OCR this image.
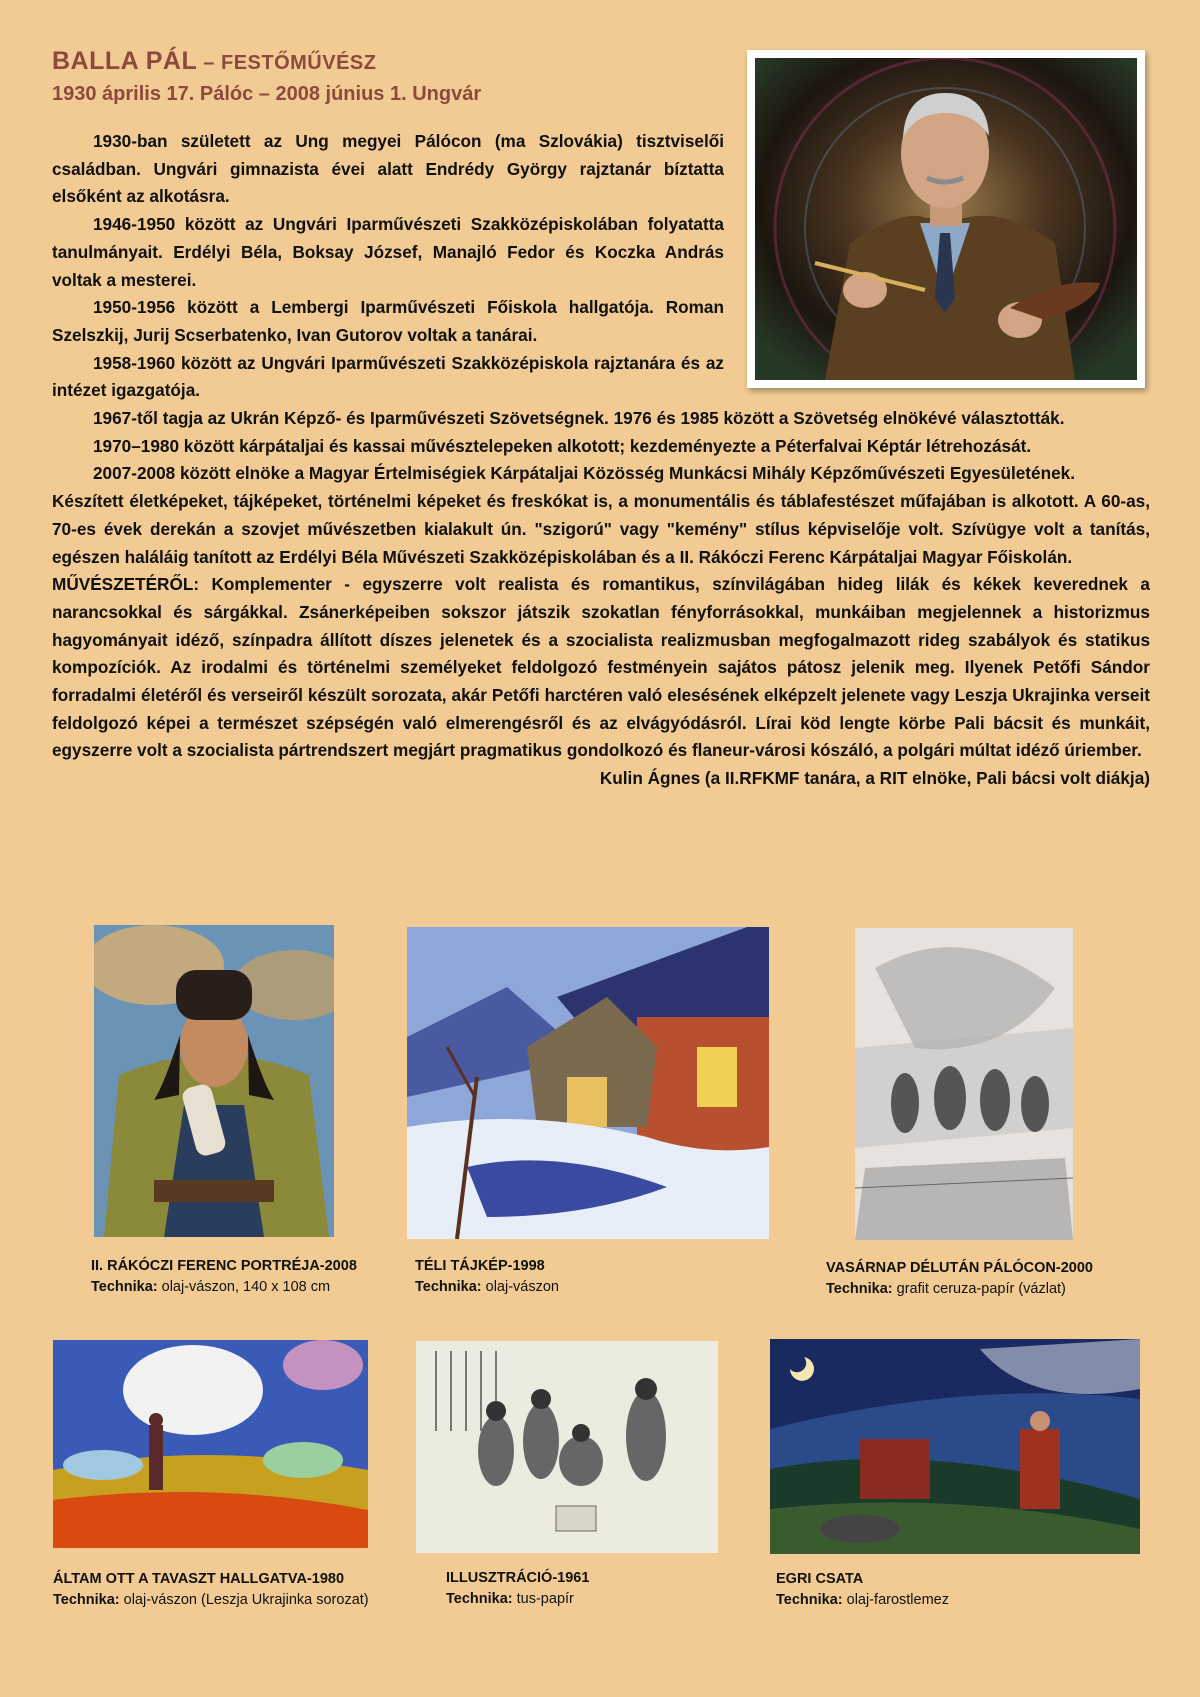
BALLA PÁL – FESTŐMŰVÉSZ
1930 április 17. Pálóc – 2008 június 1. Ungvár

1930-ban született az Ung megyei Pálócon (ma Szlovákia) tisztviselői családban. Ungvári gimnazista évei alatt Endrédy György rajztanár bíztatta elsőként az alkotásra.

1946-1950 között az Ungvári Iparművészeti Szakközépiskolában folyatatta tanulmányait. Erdélyi Béla, Boksay József, Manajló Fedor és Koczka András voltak a mesterei.

1950-1956 között a Lembergi Iparművészeti Főiskola hallgatója. Roman Szelszkij, Jurij Scserbatenko, Ivan Gutorov voltak a tanárai.

1958-1960 között az Ungvári Iparművészeti Szakközépiskola rajztanára és az intézet igazgatója.

1967-től tagja az Ukrán Képző- és Iparművészeti Szövetségnek. 1976 és 1985 között a Szövetség elnökévé választották.

1970–1980 között kárpátaljai és kassai művésztelepeken alkotott; kezdeményezte a Péterfalvai Képtár létrehozását.

2007-2008 között elnöke a Magyar Értelmiségiek Kárpátaljai Közösség Munkácsi Mihály Képzőművészeti Egyesületének.

Készített életképeket, tájképeket, történelmi képeket és freskókat is, a monumentális és táblafestészet műfajában is alkotott. A 60-as, 70-es évek derekán a szovjet művészetben kialakult ún. "szigorú" vagy "kemény" stílus képviselője volt. Szívügye volt a tanítás, egészen haláláig tanított az Erdélyi Béla Művészeti Szakközépiskolában és a II. Rákóczi Ferenc Kárpátaljai Magyar Főiskolán.

MŰVÉSZETÉRŐL: Komplementer - egyszerre volt realista és romantikus, színvilágában hideg lilák és kékek keverednek a narancsokkal és sárgákkal. Zsánerképeiben sokszor játszik szokatlan fényforrásokkal, munkáiban megjelennek a historizmus hagyományait idéző, színpadra állított díszes jelenetek és a szocialista realizmusban megfogalmazott rideg szabályok és statikus kompozíciók. Az irodalmi és történelmi személyeket feldolgozó festményein sajátos pátosz jelenik meg. Ilyenek Petőfi Sándor forradalmi életéről és verseiről készült sorozata, akár Petőfi harctéren való elesésének elképzelt jelenete vagy Leszja Ukrajinka verseit feldolgozó képei a természet szépségén való elmerengésről és az elvágyódásról. Lírai köd lengte körbe Pali bácsit és munkáit, egyszerre volt a szocialista pártrendszert megjárt pragmatikus gondolkozó és flaneur-városi kószáló, a polgári múltat idéző úriember.

Kulin Ágnes (a II.RFKMF tanára, a RIT elnöke, Pali bácsi volt diákja)

II. RÁKÓCZI FERENC PORTRÉJA-2008
Technika: olaj-vászon, 140 x 108 cm
TÉLI TÁJKÉP-1998
Technika: olaj-vászon
VASÁRNAP DÉLUTÁN PÁLÓCON-2000
Technika: grafit ceruza-papír (vázlat)
ÁLTAM OTT A TAVASZT HALLGATVA-1980
Technika: olaj-vászon (Leszja Ukrajinka sorozat)
ILLUSZTRÁCIÓ-1961
Technika: tus-papír
EGRI CSATA
Technika: olaj-farostlemez
